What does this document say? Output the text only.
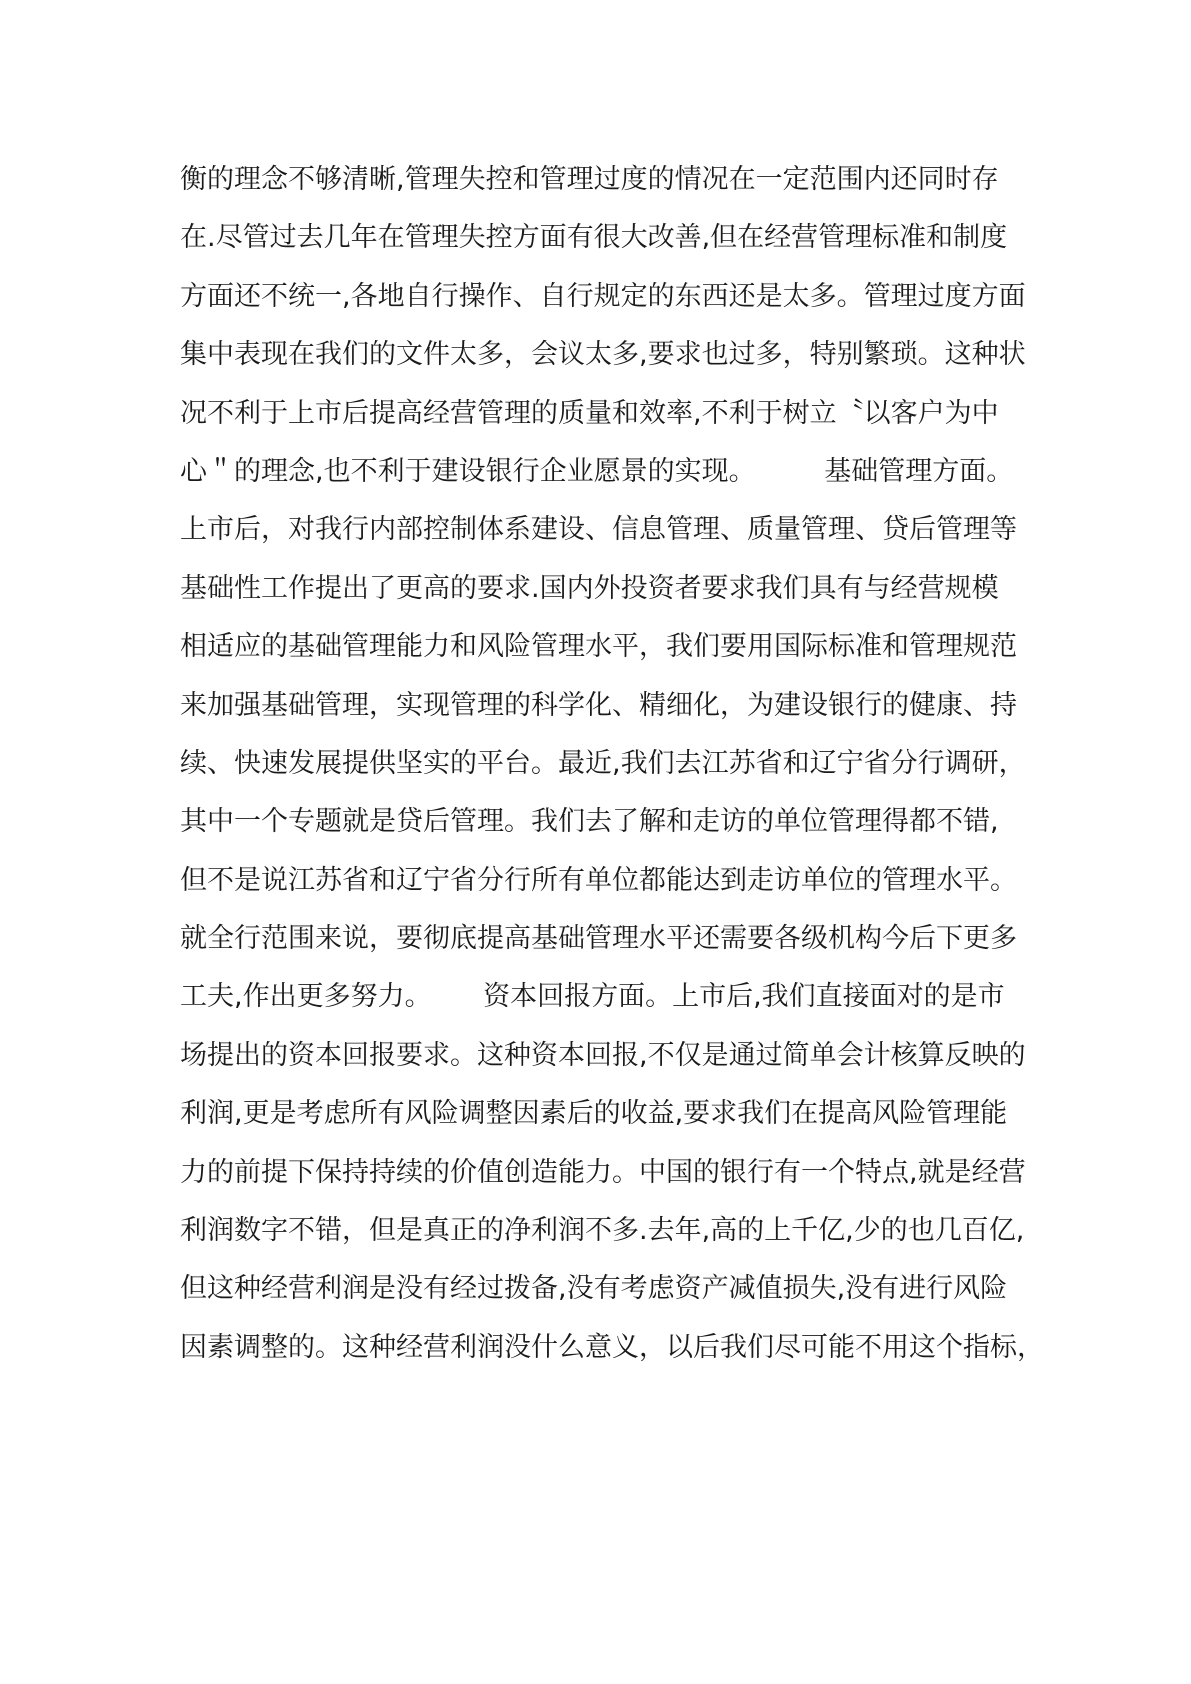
衡的理念不够清晰,管理失控和管理过度的情况在一定范围内还同时存
在.尽管过去几年在管理失控方面有很大改善,但在经营管理标准和制度
方面还不统一,各地自行操作、自行规定的东西还是太多。管理过度方面
集中表现在我们的文件太多，会议太多,要求也过多，特别繁琐。这种状
况不利于上市后提高经营管理的质量和效率,不利于树立〝以客户为中
心＂的理念,也不利于建设银行企业愿景的实现。        基础管理方面。
上市后，对我行内部控制体系建设、信息管理、质量管理、贷后管理等
基础性工作提出了更高的要求.国内外投资者要求我们具有与经营规模
相适应的基础管理能力和风险管理水平，我们要用国际标准和管理规范
来加强基础管理，实现管理的科学化、精细化，为建设银行的健康、持
续、快速发展提供坚实的平台。最近,我们去江苏省和辽宁省分行调研，
其中一个专题就是贷后管理。我们去了解和走访的单位管理得都不错,
但不是说江苏省和辽宁省分行所有单位都能达到走访单位的管理水平。
就全行范围来说，要彻底提高基础管理水平还需要各级机构今后下更多
工夫,作出更多努力。      资本回报方面。上市后,我们直接面对的是市
场提出的资本回报要求。这种资本回报,不仅是通过简单会计核算反映的
利润,更是考虑所有风险调整因素后的收益,要求我们在提高风险管理能
力的前提下保持持续的价值创造能力。中国的银行有一个特点,就是经营
利润数字不错，但是真正的净利润不多.去年,高的上千亿,少的也几百亿,
但这种经营利润是没有经过拨备,没有考虑资产减值损失,没有进行风险
因素调整的。这种经营利润没什么意义，以后我们尽可能不用这个指标，
